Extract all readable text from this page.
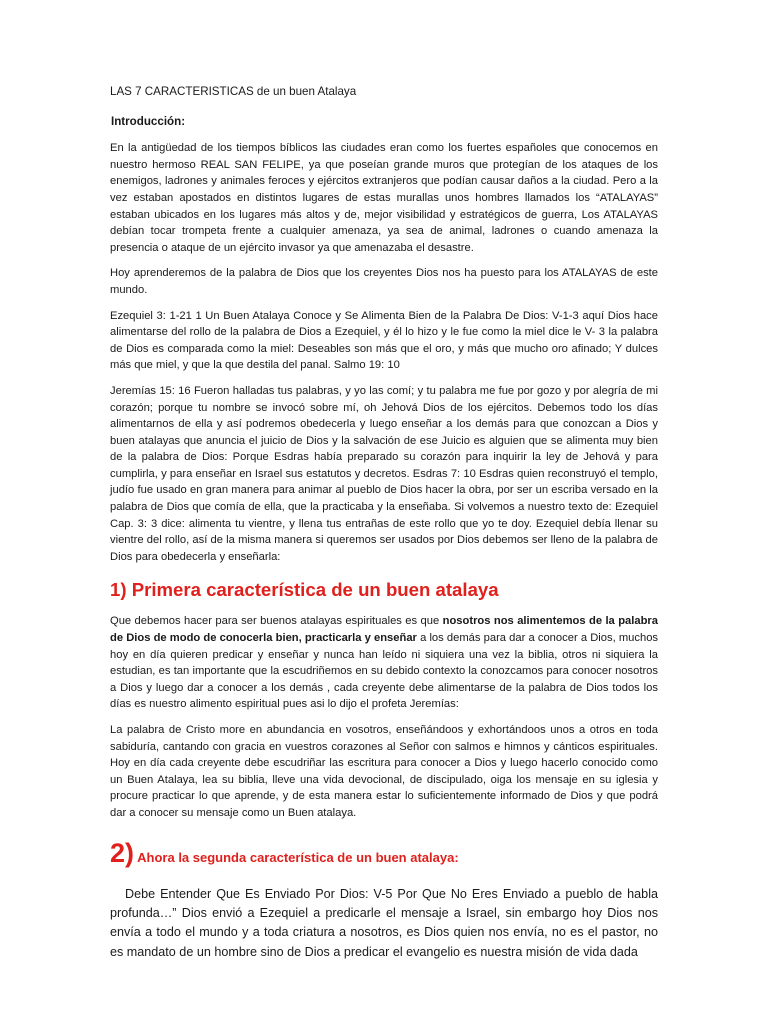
LAS 7 CARACTERISTICAS de un buen Atalaya

Introducción:

En la antigüedad de los tiempos bíblicos las ciudades eran como los fuertes españoles que conocemos en nuestro hermoso REAL SAN FELIPE, ya que poseían grande muros que protegían de los ataques de los enemigos, ladrones y animales feroces y ejércitos extranjeros que podían causar daños a la ciudad. Pero a la vez estaban apostados en distintos lugares de estas murallas unos hombres llamados los “ATALAYAS” estaban ubicados en los lugares más altos y de, mejor visibilidad y estratégicos de guerra, Los ATALAYAS debían tocar trompeta frente a cualquier amenaza, ya sea de animal, ladrones o cuando amenaza la presencia o ataque de un ejército invasor ya que amenazaba el desastre.

Hoy aprenderemos de la palabra de Dios que los creyentes Dios nos ha puesto para los ATALAYAS de este mundo.

Ezequiel 3: 1-21 1 Un Buen Atalaya Conoce y Se Alimenta Bien de la Palabra De Dios: V-1-3 aquí Dios hace alimentarse del rollo de la palabra de Dios a Ezequiel, y él lo hizo y le fue como la miel dice le V- 3 la palabra de Dios es comparada como la miel: Deseables son más que el oro, y más que mucho oro afinado; Y dulces más que miel, y que la que destila del panal. Salmo 19: 10

Jeremías 15: 16 Fueron halladas tus palabras, y yo las comí; y tu palabra me fue por gozo y por alegría de mi corazón; porque tu nombre se invocó sobre mí, oh Jehová Dios de los ejércitos. Debemos todo los días alimentarnos de ella y así podremos obedecerla y luego enseñar a los demás para que conozcan a Dios y buen atalayas que anuncia el juicio de Dios y la salvación de ese Juicio es alguien que se alimenta muy bien de la palabra de Dios: Porque Esdras había preparado su corazón para inquirir la ley de Jehová y para cumplirla, y para enseñar en Israel sus estatutos y decretos. Esdras 7: 10 Esdras quien reconstruyó el templo, judío fue usado en gran manera para animar al pueblo de Dios hacer la obra, por ser un escriba versado en la palabra de Dios que comía de ella, que la practicaba y la enseñaba. Si volvemos a nuestro texto de: Ezequiel Cap. 3: 3 dice: alimenta tu vientre, y llena tus entrañas de este rollo que yo te doy. Ezequiel debía llenar su vientre del rollo, así de la misma manera si queremos ser usados por Dios debemos ser lleno de la palabra de Dios para obedecerla y enseñarla:

1) Primera característica de un buen atalaya

Que debemos hacer para ser buenos atalayas espirituales es que nosotros nos alimentemos de la palabra de Dios de modo de conocerla bien, practicarla y enseñar a los demás para dar a conocer a Dios, muchos hoy en día quieren predicar y enseñar y nunca han leído ni siquiera una vez la biblia, otros ni siquiera la estudian, es tan importante que la escudriñemos en su debido contexto la conozcamos para conocer nosotros a Dios y luego dar a conocer a los demás , cada creyente debe alimentarse de la palabra de Dios todos los días es nuestro alimento espiritual pues asi lo dijo el profeta Jeremías:

La palabra de Cristo more en abundancia en vosotros, enseñándoos y exhortándoos unos a otros en toda sabiduría, cantando con gracia en vuestros corazones al Señor con salmos e himnos y cánticos espirituales. Hoy en día cada creyente debe escudriñar las escritura para conocer a Dios y luego hacerlo conocido como un Buen Atalaya, lea su biblia, lleve una vida devocional, de discipulado, oiga los mensaje en su iglesia y procure practicar lo que aprende, y de esta manera estar lo suficientemente informado de Dios y que podrá dar a conocer su mensaje como un Buen atalaya.

2) Ahora la segunda característica de un buen atalaya:

Debe Entender Que Es Enviado Por Dios: V-5 Por Que No Eres Enviado a pueblo de habla profunda…” Dios envió a Ezequiel a predicarle el mensaje a Israel, sin embargo hoy Dios nos envía a todo el mundo y a toda criatura a nosotros, es Dios quien nos envía, no es el pastor, no es mandato de un hombre sino de Dios a predicar el evangelio es nuestra misión de vida dada
